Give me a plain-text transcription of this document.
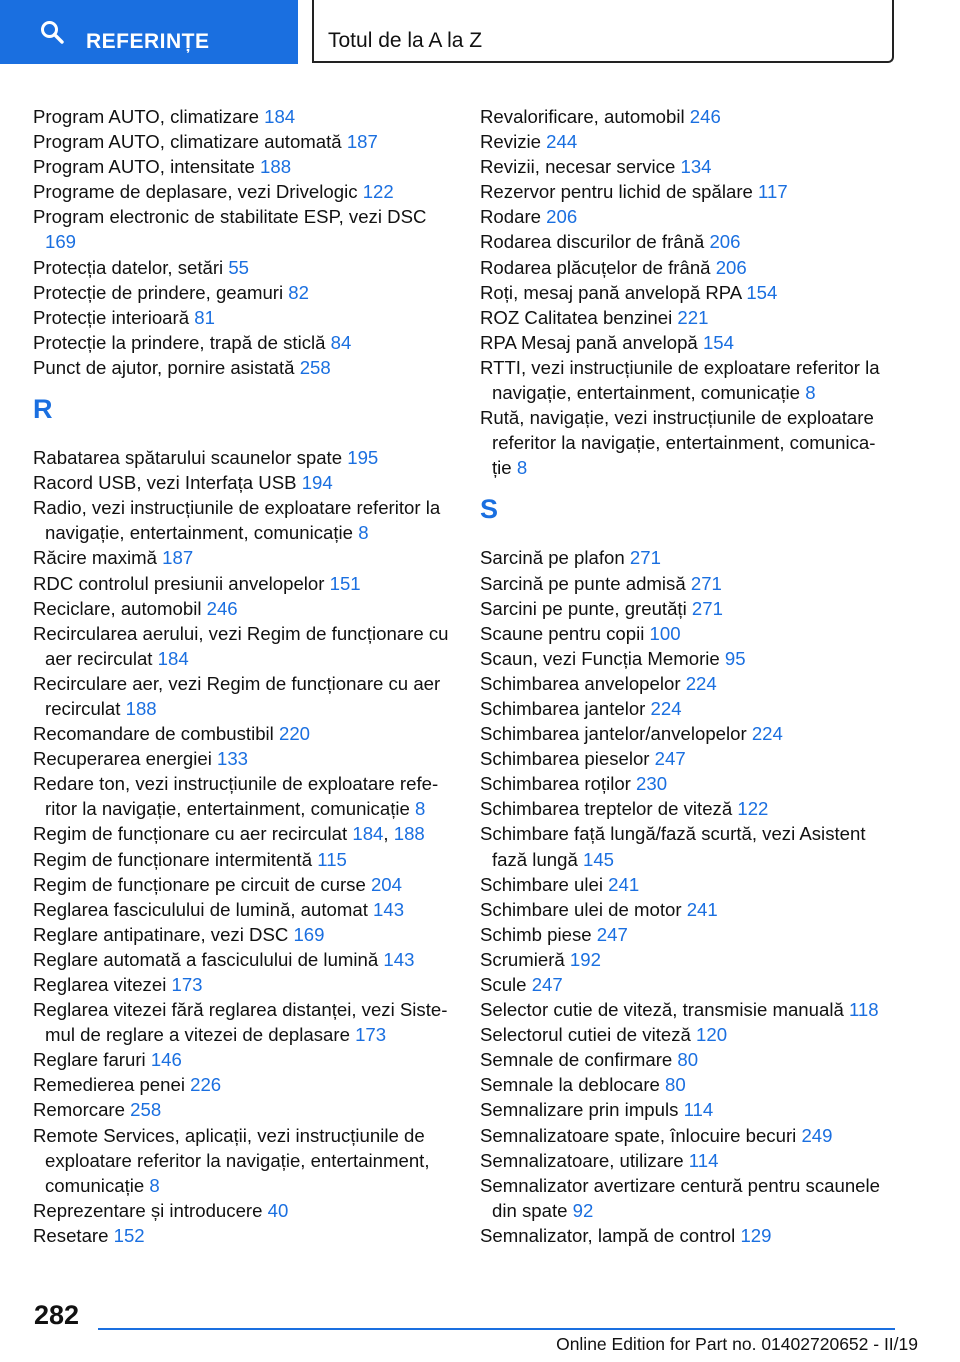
REFERINȚE	Totul de la A la Z
Program AUTO, climatizare 184
Program AUTO, climatizare automată 187
Program AUTO, intensitate 188
Programe de deplasare, vezi Drivelogic 122
Program electronic de stabilitate ESP, vezi DSC 169
Protecția datelor, setări 55
Protecție de prindere, geamuri 82
Protecție interioară 81
Protecție la prindere, trapă de sticlă 84
Punct de ajutor, pornire asistată 258
R
Rabatarea spătarului scaunelor spate 195
Racord USB, vezi Interfața USB 194
Radio, vezi instrucțiunile de exploatare referitor la navigație, entertainment, comunicație 8
Răcire maximă 187
RDC controlul presiunii anvelopelor 151
Reciclare, automobil 246
Recircularea aerului, vezi Regim de funcționare cu aer recirculat 184
Recirculare aer, vezi Regim de funcționare cu aer recirculat 188
Recomandare de combustibil 220
Recuperarea energiei 133
Redare ton, vezi instrucțiunile de exploatare refe-ritor la navigație, entertainment, comunicație 8
Regim de funcționare cu aer recirculat 184, 188
Regim de funcționare intermitentă 115
Regim de funcționare pe circuit de curse 204
Reglarea fasciculului de lumină, automat 143
Reglare antipatinare, vezi DSC 169
Reglare automată a fasciculului de lumină 143
Reglarea vitezei 173
Reglarea vitezei fără reglarea distanței, vezi Siste-mul de reglare a vitezei de deplasare 173
Reglare faruri 146
Remedierea penei 226
Remorcare 258
Remote Services, aplicații, vezi instrucțiunile de exploatare referitor la navigație, entertainment, comunicație 8
Reprezentare și introducere 40
Resetare 152
Revalorificare, automobil 246
Revizie 244
Revizii, necesar service 134
Rezervor pentru lichid de spălare 117
Rodare 206
Rodarea discurilor de frână 206
Rodarea plăcuțelor de frână 206
Roți, mesaj pană anvelopă RPA 154
ROZ Calitatea benzinei 221
RPA Mesaj pană anvelopă 154
RTTI, vezi instrucțiunile de exploatare referitor la navigație, entertainment, comunicație 8
Rută, navigație, vezi instrucțiunile de exploatare referitor la navigație, entertainment, comunica-ție 8
S
Sarcină pe plafon 271
Sarcină pe punte admisă 271
Sarcini pe punte, greutăți 271
Scaune pentru copii 100
Scaun, vezi Funcția Memorie 95
Schimbarea anvelopelor 224
Schimbarea jantelor 224
Schimbarea jantelor/anvelopelor 224
Schimbarea pieselor 247
Schimbarea roților 230
Schimbarea treptelor de viteză 122
Schimbare față lungă/fază scurtă, vezi Asistent fază lungă 145
Schimbare ulei 241
Schimbare ulei de motor 241
Schimb piese 247
Scrumieră 192
Scule 247
Selector cutie de viteză, transmisie manuală 118
Selectorul cutiei de viteză 120
Semnale de confirmare 80
Semnale la deblocare 80
Semnalizare prin impuls 114
Semnalizatoare spate, înlocuire becuri 249
Semnalizatoare, utilizare 114
Semnalizator avertizare centură pentru scaunele din spate 92
Semnalizator, lampă de control 129
282
Online Edition for Part no. 01402720652 - II/19
